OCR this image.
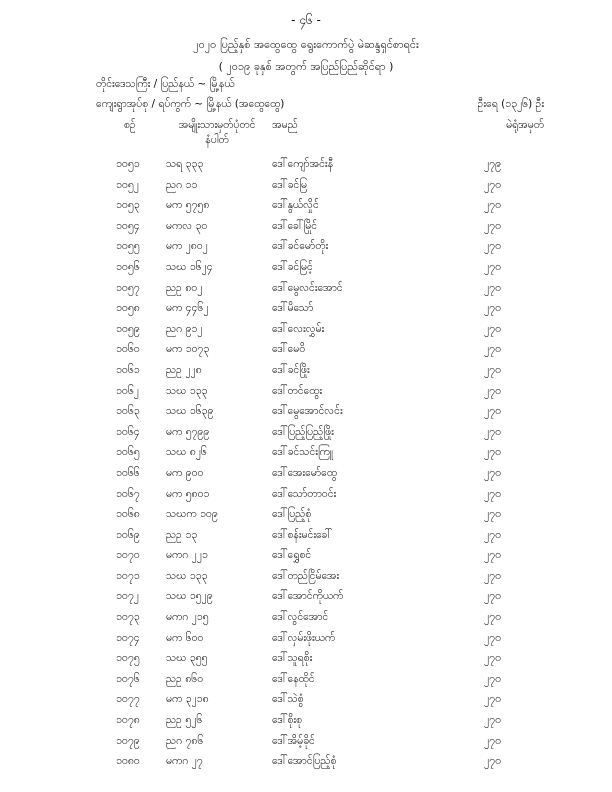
- ၄၆ -
၂၀၂၀ ပြည့်နှစ် အထွေထွေ ရွေးကောက်ပွဲ မဲဆန္ဒရှင်စာရင်း
( ၂၀၁၉ ခုနှစ် အတွက် အပြည်ပြည်ဆိုင်ရာ )
တိုင်းဒေသကြီး / ပြည်နယ် ~ မြို့နယ်
ကျေးရွာအုပ်စု / ရပ်ကွက် ~ မြို့နယ် (အထွေထွေ)	ဦးရေ (၁၃၂၆) ဦး
စဉ်	အမျိုးသားမှတ်ပုံတင်
နံပါတ်
အမည်	မဲရုံအမှတ်
၁၀၅၁	သရ ၃၃၃	ဒေါ်ကျော်အင်းနီ	၂၇၉
၁၀၅၂	ညဂ ၁၁	ဒေါ်ခင်မြ	၂၇၀
၁၀၅၃	မက ၅၇၅၈	ဒေါ်နွယ်လှိုင်	၂၇၀
၁၀၅၄	မကလ ၃၀	ဒေါ်ခေါ်မြိုင်	၂၇၀
၁၀၅၅	မက ၂၈၀၂	ဒေါ်ခင်မော်တိုး	၂၇၀
၁၀၅၆	သဃ ၁၆၂၄	ဒေါ်ခင်မြင့်	၂၇၀
၁၀၅၇	ညဥ ၈၀၂	ဒေါ်မွေလင်းအောင်	၂၇၀
၁၀၅၈	မက ၄၄၆၂	ဒေါ်မိသော်	၂၇၀
၁၀၅၉	ညဂ ၉၁၂	ဒေါ်လေးလွှမ်း	၂၇၀
၁၀၆၀	မက ၁၀၇၃	ဒေါ်မေဝိ	၂၇၀
၁၀၆၁	ညဥ ၂၂၈	ဒေါ်ခင်ဖြိုး	၂၇၀
၁၀၆၂	သဃ ၁၃၃	ဒေါ်တင်ထွေး	၂၇၀
၁၀၆၃	သဃ ၁၆၃၉	ဒေါ်မွေအောင်လင်း	၂၇၀
၁၀၆၄	မက ၅၇၉၉	ဒေါ်ပြည့်ပြည့်ဖြိုး	၂၇၀
၁၀၆၅	သဃ ၈၂၆	ဒေါ်ခင်သင်းကြူ	၂၇၀
၁၀၆၆	မက ၉၀၀	ဒေါ်အေးမော်ထွေ	၂၇၀
၁၀၆၇	မက ၅၈၀၁	ဒေါ်သော်တာဝင်း	၂၇၀
၁၀၆၈	သဃက ၁၀၉	ဒေါ်ပြည့်စုံ	၂၇၀
၁၀၆၉	ညဥ ၁၃	ဒေါ်စန်းမင်းခေါ်	၂၇၀
၁၀၇၀	မကဂ ၂၂၁	ဒေါ်ရွှေစင်	၂၇၀
၁၀၇၁	သဃ ၁၃၃	ဒေါ်တည်ငြိမ်အေး	၂၇၀
၁၀၇၂	သဃ ၁၅၂၉	ဒေါ်အောင်ကိုယက်	၂၇၀
၁၀၇၃	မကဂ ၂၁၅	ဒေါ်လွင်အောင်	၂၇၀
၁၀၇၄	မက ၆၀၀	ဒေါ်လှမ်းဖိုးယက်	၂၇၀
၁၀၇၅	သဃ ၃၅၅	ဒေါ်သူရစိုး	၂၇၀
၁၀၇၆	ညဥ ၈၆၀	ဒေါ်နေထိုင်	၂၇၀
၁၀၇၇	မက ၃၂၁၈	ဒေါ်သဲစွံ	၂၇၀
၁၀၇၈	ညဥ ၅၂၆	ဒေါ်စိုးစု	၂၇၀
၁၀၇၉	ညဂ ၇၈၆	ဒေါ်အိမ့်ခိုင်	၂၇၀
၁၀၈၀	မကဂ ၂၇	ဒေါ်အောင်ပြည့်စုံ	၂၇၀
